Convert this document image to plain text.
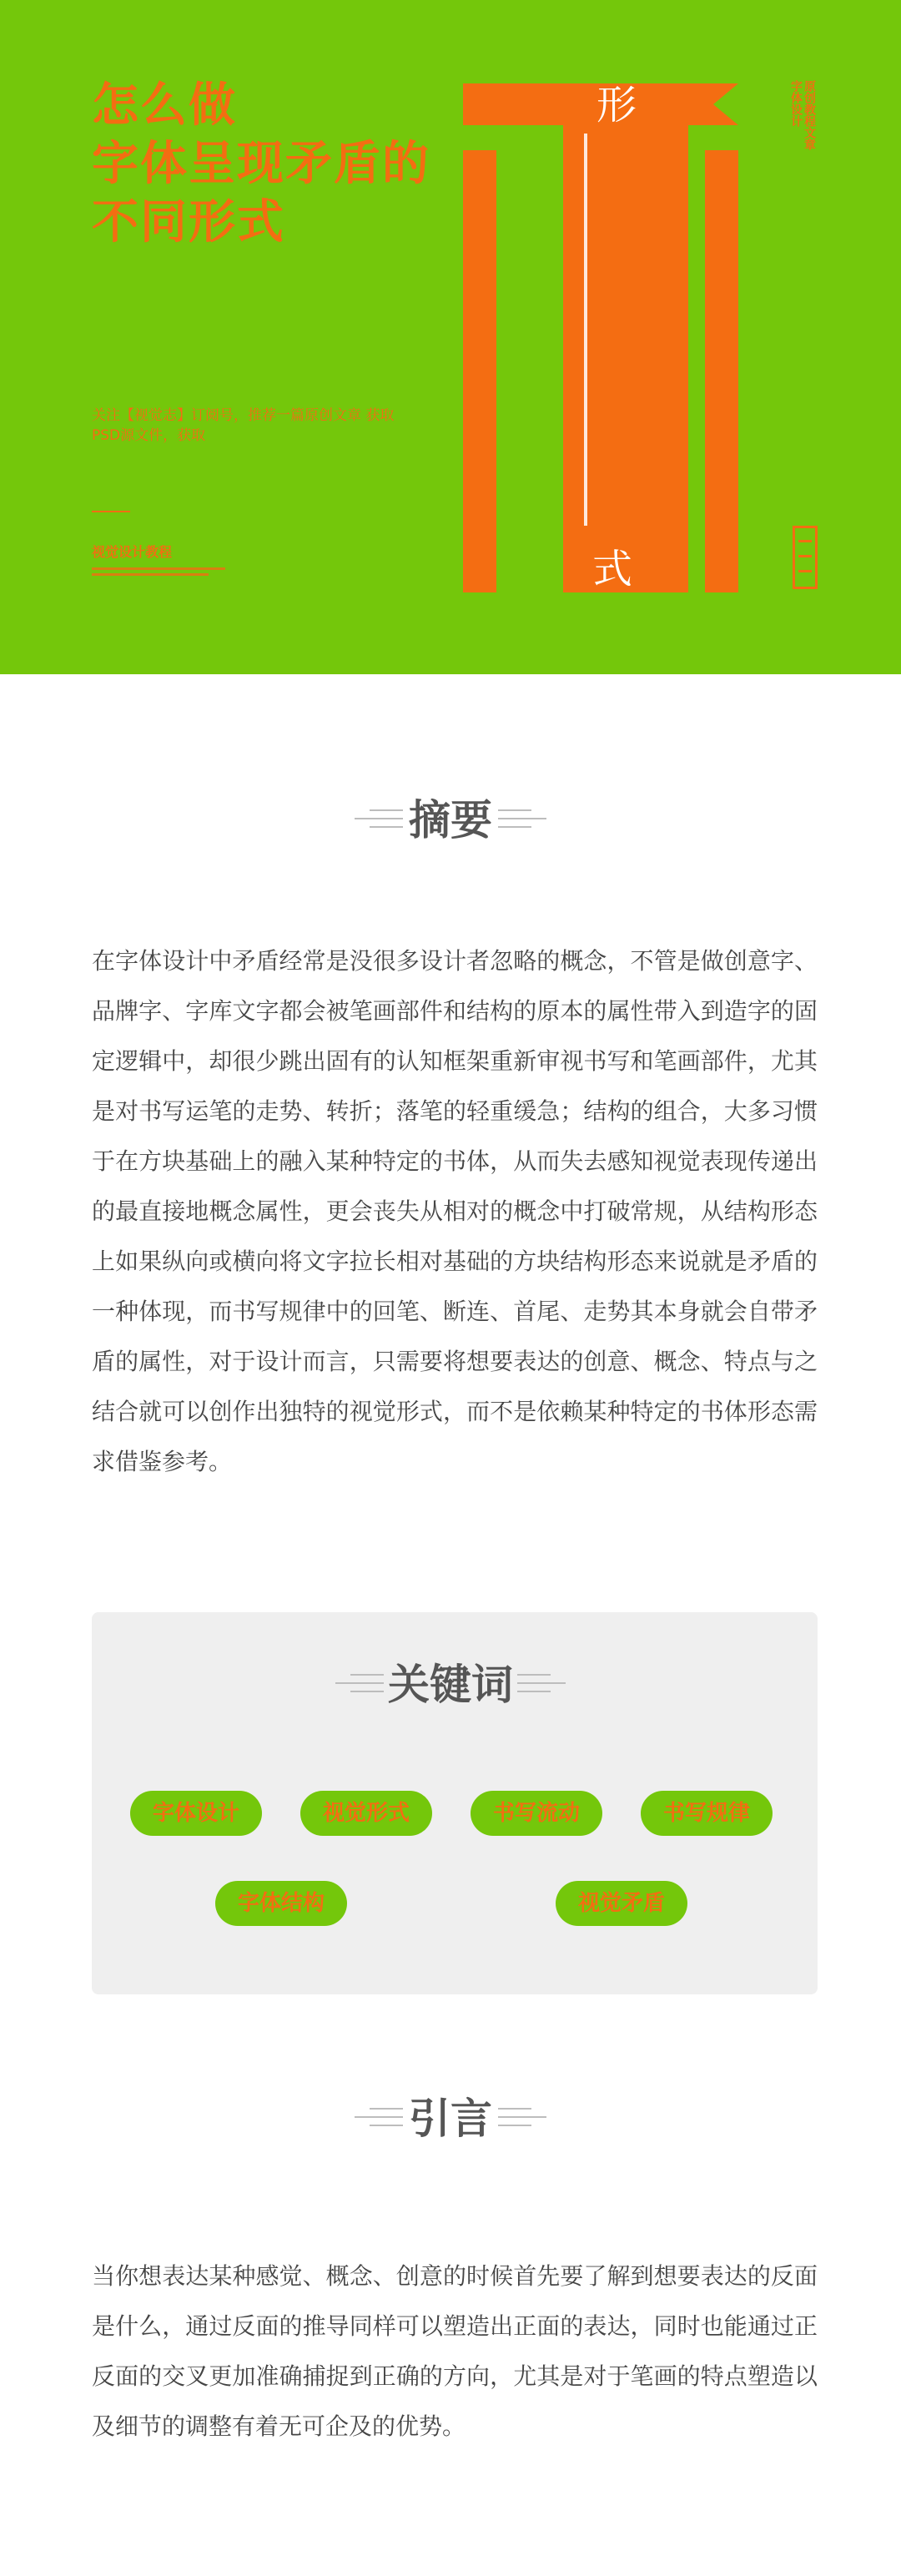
怎么做
字体呈现矛盾的
不同形式
关注【视觉志】订阅号，推荐一篇原创文章 获取PSD源文件，获取
视觉设计教程
形
式
字体设计 原创教程文章
摘要
在字体设计中矛盾经常是没很多设计者忽略的概念，不管是做创意字、品牌字、字库文字都会被笔画部件和结构的原本的属性带入到造字的固定逻辑中，却很少跳出固有的认知框架重新审视书写和笔画部件，尤其是对书写运笔的走势、转折；落笔的轻重缓急；结构的组合，大多习惯于在方块基础上的融入某种特定的书体，从而失去感知视觉表现传递出的最直接地概念属性，更会丧失从相对的概念中打破常规，从结构形态上如果纵向或横向将文字拉长相对基础的方块结构形态来说就是矛盾的一种体现，而书写规律中的回笔、断连、首尾、走势其本身就会自带矛盾的属性，对于设计而言，只需要将想要表达的创意、概念、特点与之结合就可以创作出独特的视觉形式，而不是依赖某种特定的书体形态需求借鉴参考。
关键词
字体设计	视觉形式	书写流动	书写规律
字体结构	视觉矛盾
引言
当你想表达某种感觉、概念、创意的时候首先要了解到想要表达的反面是什么，通过反面的推导同样可以塑造出正面的表达，同时也能通过正反面的交叉更加准确捕捉到正确的方向，尤其是对于笔画的特点塑造以及细节的调整有着无可企及的优势。
